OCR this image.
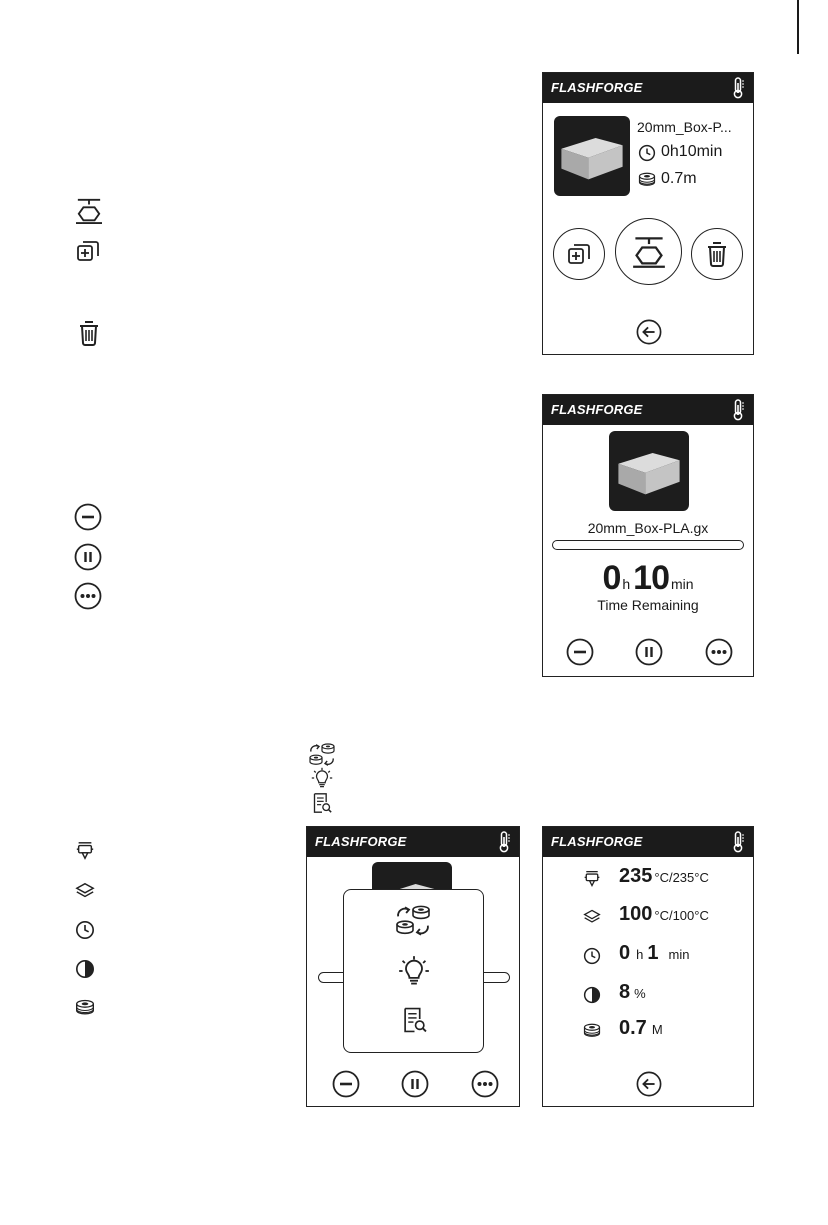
FLASHFORGE
20mm_Box-P...
0h10min
0.7m
FLASHFORGE
20mm_Box-PLA.gx
0 h10 min
Time Remaining
FLASHFORGE	FLASHFORGE
235 °C/235°C
100 °C/100°C
0 h 1 min
8 %
0.7 M
